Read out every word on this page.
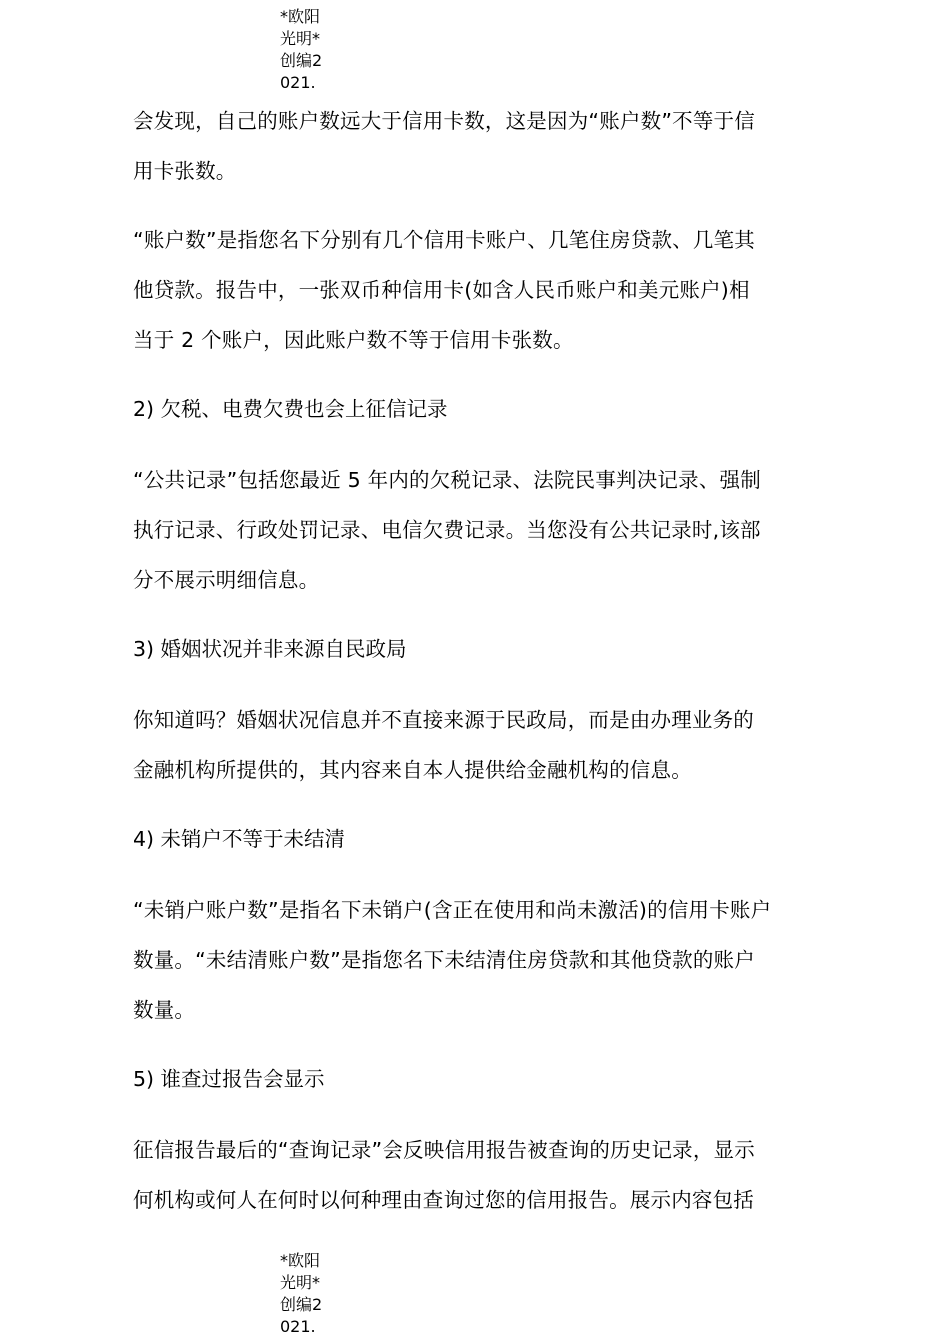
*欧阳光明*创编2021.

会发现，自己的账户数远大于信用卡数，这是因为“账户数”不等于信
用卡张数。

“账户数”是指您名下分别有几个信用卡账户、几笔住房贷款、几笔其
他贷款。报告中，一张双币种信用卡(如含人民币账户和美元账户)相
当于 2 个账户，因此账户数不等于信用卡张数。

2) 欠税、电费欠费也会上征信记录

“公共记录”包括您最近 5 年内的欠税记录、法院民事判决记录、强制
执行记录、行政处罚记录、电信欠费记录。当您没有公共记录时,该部
分不展示明细信息。

3) 婚姻状况并非来源自民政局

你知道吗？婚姻状况信息并不直接来源于民政局，而是由办理业务的
金融机构所提供的，其内容来自本人提供给金融机构的信息。

4) 未销户不等于未结清

“未销户账户数”是指名下未销户(含正在使用和尚未激活)的信用卡账户
数量。“未结清账户数”是指您名下未结清住房贷款和其他贷款的账户
数量。

5) 谁查过报告会显示

征信报告最后的“查询记录”会反映信用报告被查询的历史记录，显示
何机构或何人在何时以何种理由查询过您的信用报告。展示内容包括

*欧阳光明*创编2021.
